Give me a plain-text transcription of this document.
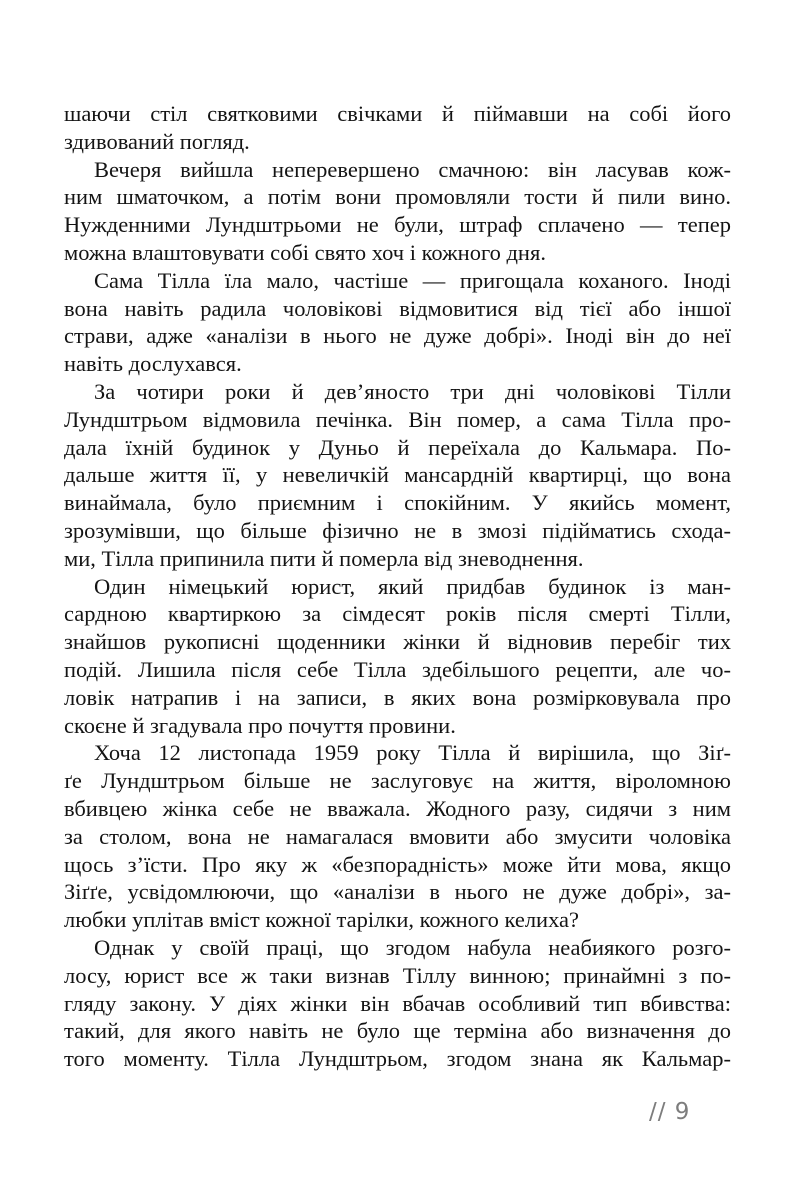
шаючи стіл святковими свічками й піймавши на собі його
здивований погляд.
Вечеря вийшла неперевершено смачною: він ласував кож-
ним шматочком, а потім вони промовляли тости й пили вино.
Нужденними Лундштрьоми не були, штраф сплачено — тепер
можна влаштовувати собі свято хоч і кожного дня.
Сама Тілла їла мало, частіше — пригощала коханого. Іноді
вона навіть радила чоловікові відмовитися від тієї або іншої
страви, адже «аналізи в нього не дуже добрі». Іноді він до неї
навіть дослухався.
За чотири роки й дев’яносто три дні чоловікові Тілли
Лундштрьом відмовила печінка. Він помер, а сама Тілла про-
дала їхній будинок у Дуньо й переїхала до Кальмара. По-
дальше життя її, у невеличкій мансардній квартирці, що вона
винаймала, було приємним і спокійним. У якийсь момент,
зрозумівши, що більше фізично не в змозі підійматись схода-
ми, Тілла припинила пити й померла від зневоднення.
Один німецький юрист, який придбав будинок із ман-
сардною квартиркою за сімдесят років після смерті Тілли,
знайшов рукописні щоденники жінки й відновив перебіг тих
подій. Лишила після себе Тілла здебільшого рецепти, але чо-
ловік натрапив і на записи, в яких вона розмірковувала про
скоєне й згадувала про почуття провини.
Хоча 12 листопада 1959 року Тілла й вирішила, що Зіґ-
ґе Лундштрьом більше не заслуговує на життя, віроломною
вбивцею жінка себе не вважала. Жодного разу, сидячи з ним
за столом, вона не намагалася вмовити або змусити чоловіка
щось з’їсти. Про яку ж «безпорадність» може йти мова, якщо
Зіґґе, усвідомлюючи, що «аналізи в нього не дуже добрі», за-
любки уплітав вміст кожної тарілки, кожного келиха?
Однак у своїй праці, що згодом набула неабиякого розго-
лосу, юрист все ж таки визнав Тіллу винною; принаймні з по-
гляду закону. У діях жінки він вбачав особливий тип вбивства:
такий, для якого навіть не було ще терміна або визначення до
того моменту. Тілла Лундштрьом, згодом знана як Кальмар-
// 9
